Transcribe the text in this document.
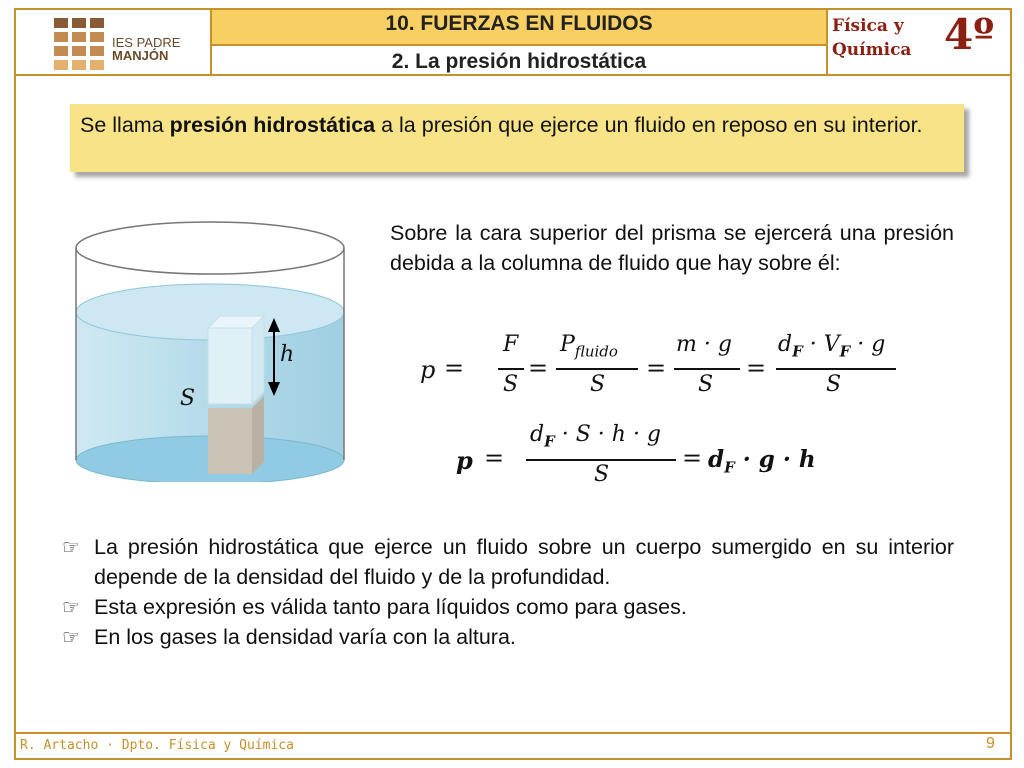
IES PADRE
MANJÓN
10. FUERZAS EN FLUIDOS
2. La presión hidrostática
Física y
Química 4º
Se llama presión hidrostática a la presión que ejerce un fluido en reposo en su interior.
h
S
Sobre la cara superior del prisma se ejercerá una presión debida a la columna de fluido que hay sobre él:
p =
F
S
=
$P_{fluido}$
S
=
m · g
S
=
$d_F \cdot V_F \cdot g$
S
p =
$d_F \cdot S \cdot h \cdot g$
S
= $d_F \cdot g \cdot h$
☞ La presión hidrostática que ejerce un fluido sobre un cuerpo sumergido en su interior depende de la densidad del fluido y de la profundidad.
☞ Esta expresión es válida tanto para líquidos como para gases.
☞ En los gases la densidad varía con la altura.
R. Artacho · Dpto. Física y Química	9
